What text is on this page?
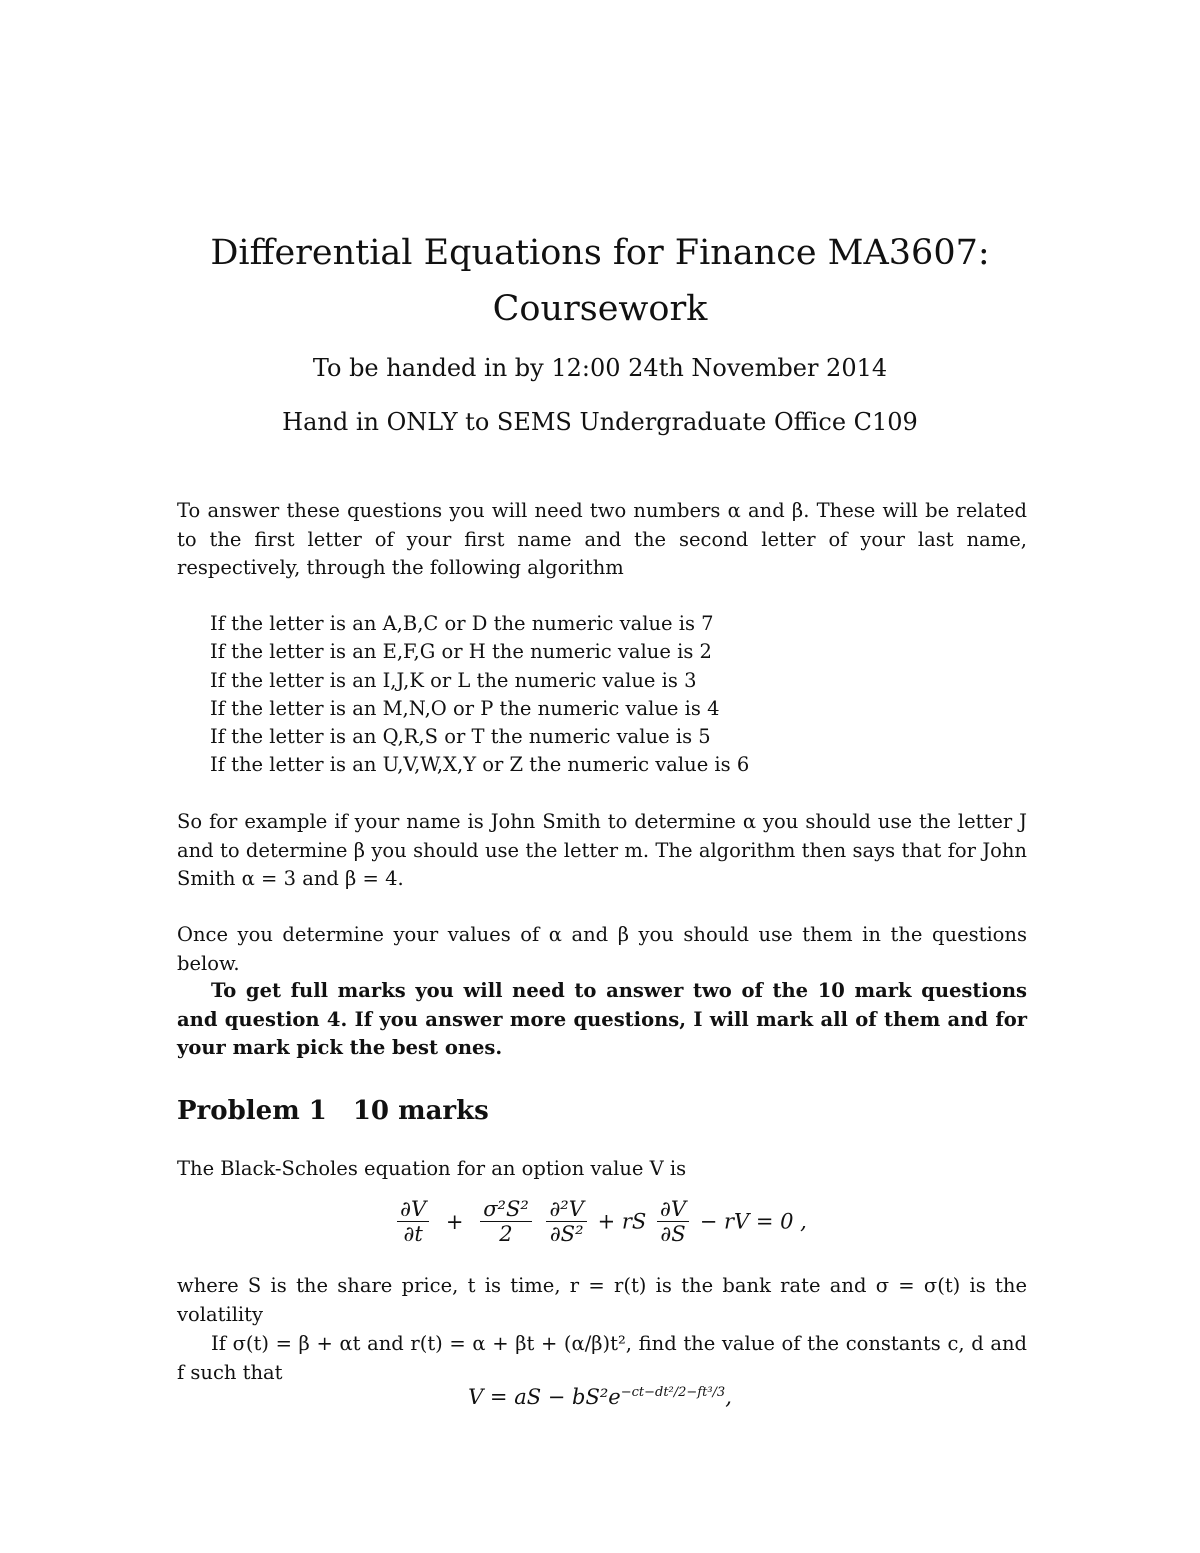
Differential Equations for Finance MA3607:
Coursework
To be handed in by 12:00 24th November 2014
Hand in ONLY to SEMS Undergraduate Office C109
To answer these questions you will need two numbers α and β. These will be related to the first letter of your first name and the second letter of your last name, respectively, through the following algorithm
If the letter is an A,B,C or D the numeric value is 7
If the letter is an E,F,G or H the numeric value is 2
If the letter is an I,J,K or L the numeric value is 3
If the letter is an M,N,O or P the numeric value is 4
If the letter is an Q,R,S or T the numeric value is 5
If the letter is an U,V,W,X,Y or Z the numeric value is 6
So for example if your name is John Smith to determine α you should use the letter J and to determine β you should use the letter m. The algorithm then says that for John Smith α = 3 and β = 4.
Once you determine your values of α and β you should use them in the questions below.
To get full marks you will need to answer two of the 10 mark questions and question 4. If you answer more questions, I will mark all of them and for your mark pick the best ones.
Problem 1 10 marks
The Black-Scholes equation for an option value V is
$\frac{\partial V}{\partial t} + \frac{\text{σ²S²}}{2}$
$\frac{\text{∂²V}}{\text{∂S²}}$ + rS $\frac{\partial V}{\partial S}$ − rV = 0 ,
where S is the share price, t is time, r = r(t) is the bank rate and σ = σ(t) is the volatility
If σ(t) = β + αt and r(t) = α + βt + (α/β)t², find the value of the constants c, d and f such that
V = aS − $bS^2e^{-ct-dt^2/2-ft^3/3}$,
